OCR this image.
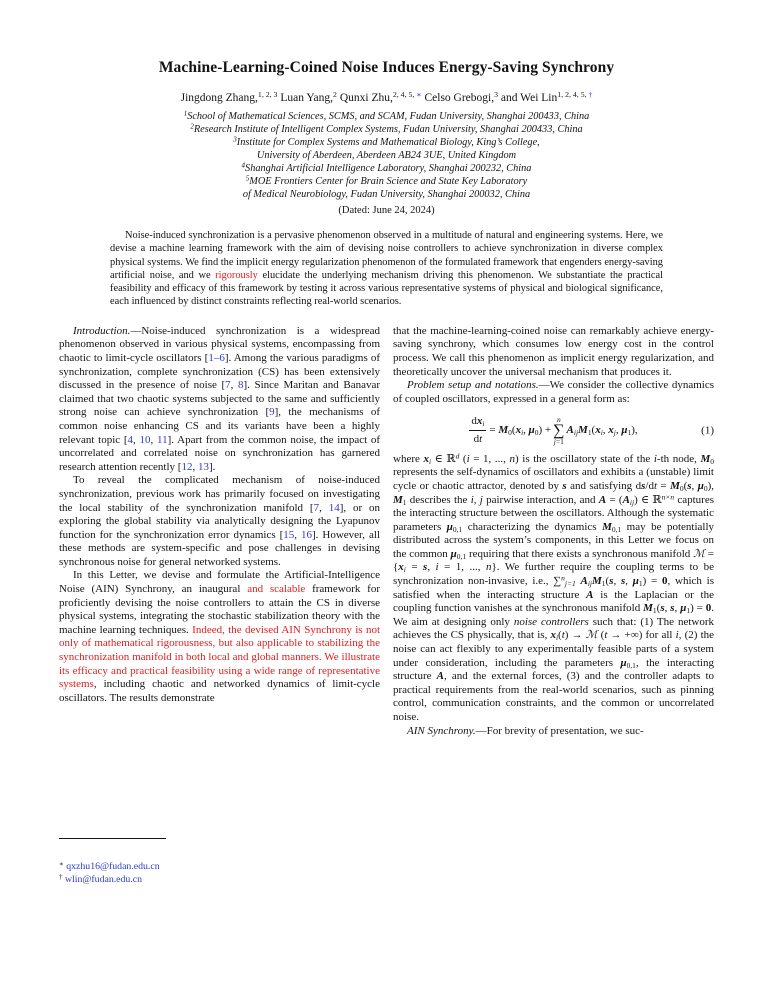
Machine-Learning-Coined Noise Induces Energy-Saving Synchrony
Jingdong Zhang,$^{1, 2, 3}$ Luan Yang,$^2$ Qunxi Zhu,$^{2, 4, 5,}$ ∗ Celso Grebogi,$^3$ and Wei Lin$^{1, 2, 4, 5,}$ †
$^1$School of Mathematical Sciences, SCMS, and SCAM, Fudan University, Shanghai 200433, China
$^2$Research Institute of Intelligent Complex Systems, Fudan University, Shanghai 200433, China
$^3$Institute for Complex Systems and Mathematical Biology, King’s College,
University of Aberdeen, Aberdeen AB24 3UE, United Kingdom
$^4$Shanghai Artificial Intelligence Laboratory, Shanghai 200232, China
$^5$MOE Frontiers Center for Brain Science and State Key Laboratory
of Medical Neurobiology, Fudan University, Shanghai 200032, China
(Dated: June 24, 2024)
Noise-induced synchronization is a pervasive phenomenon observed in a multitude of natural and engineering systems. Here, we devise a machine learning framework with the aim of devising noise controllers to achieve synchronization in diverse complex physical systems. We find the implicit energy regularization phenomenon of the formulated framework that engenders energy-saving artificial noise, and we rigorously elucidate the underlying mechanism driving this phenomenon. We substantiate the practical feasibility and efficacy of this framework by testing it across various representative systems of physical and biological significance, each influenced by distinct constraints reflecting real-world scenarios.

Introduction.—Noise-induced synchronization is a widespread phenomenon observed in various physical systems, encompassing from chaotic to limit-cycle oscillators [1–6]. Among the various paradigms of synchronization, complete synchronization (CS) has been extensively discussed in the presence of noise [7, 8]. Since Maritan and Banavar claimed that two chaotic systems subjected to the same and sufficiently strong noise can achieve synchronization [9], the mechanisms of common noise enhancing CS and its variants have been a highly relevant topic [4, 10, 11]. Apart from the common noise, the impact of uncorrelated and correlated noise on synchronization has garnered research attention recently [12, 13].

To reveal the complicated mechanism of noise-induced synchronization, previous work has primarily focused on investigating the local stability of the synchronization manifold [7, 14], or on exploring the global stability via analytically designing the Lyapunov function for the synchronization error dynamics [15, 16]. However, all these methods are system-specific and pose challenges in devising synchronous noise for general networked systems.

In this Letter, we devise and formulate the Artificial-Intelligence Noise (AIN) Synchrony, an inaugural and scalable framework for proficiently devising the noise controllers to attain the CS in diverse physical systems, integrating the stochastic stabilization theory with the machine learning techniques. Indeed, the devised AIN Synchrony is not only of mathematical rigorousness, but also applicable to stabilizing the synchronization manifold in both local and global manners. We illustrate its efficacy and practical feasibility using a wide range of representative systems, including chaotic and networked dynamics of limit-cycle oscillators. The results demonstrate

∗ qxzhu16@fudan.edu.cn
† wlin@fudan.edu.cn

that the machine-learning-coined noise can remarkably achieve energy-saving synchrony, which consumes low energy cost in the control process. We call this phenomenon as implicit energy regularization, and theoretically uncover the universal mechanism that produces it.

Problem setup and notations.—We consider the collective dynamics of coupled oscillators, expressed in a general form as:

$\frac{dx_i}{dt} = M_0(x_i$, $\mu_0$) +
n
∑
j=1
$A_{ij}M_1(x_i$, $x_j$, $\mu_1$),	(1)

where $x_i$ ∈ ℝ$^d$ (i = 1, ..., n) is the oscillatory state of the i-th node, $M_0$ represents the self-dynamics of oscillators and exhibits a (unstable) limit cycle or chaotic attractor, denoted by s and satisfying $ds/dt = M_0(s$, $\mu_0$), $M_1$ describes the i, j pairwise interaction, and $A = (A_{ij})$ ∈ ℝ$^{n\times n}$ captures the interacting structure between the oscillators. Although the systematic parameters $\mu_{0,1}$ characterizing the dynamics $M_{0,1}$ may be potentially distributed across the system’s components, in this Letter we focus on the common $\mu_{0,1}$ requiring that there exists a synchronous manifold ℳ = {$x_i = s$, i = 1, ..., n}. We further require the coupling terms to be synchronization non-invasive, i.e., ∑$^n_{j=1}$ $A_{ij}M_1(s$, s, $\mu_1) = 0$, which is satisfied when the interacting structure A is the Laplacian or the coupling function vanishes at the synchronous manifold $M_1(s$, s, $\mu_1) = 0$. We aim at designing only noise controllers such that: (1) The network achieves the CS physically, that is, $x_i(t)$ → ℳ (t → +∞) for all i, (2) the noise can act flexibly to any experimentally feasible parts of a system under consideration, including the parameters $\mu_{0,1}$, the interacting structure A, and the external forces, (3) and the controller adapts to practical requirements from the real-world scenarios, such as pinning control, communication constraints, and the common or uncorrelated noise.

AIN Synchrony.—For brevity of presentation, we suc-
